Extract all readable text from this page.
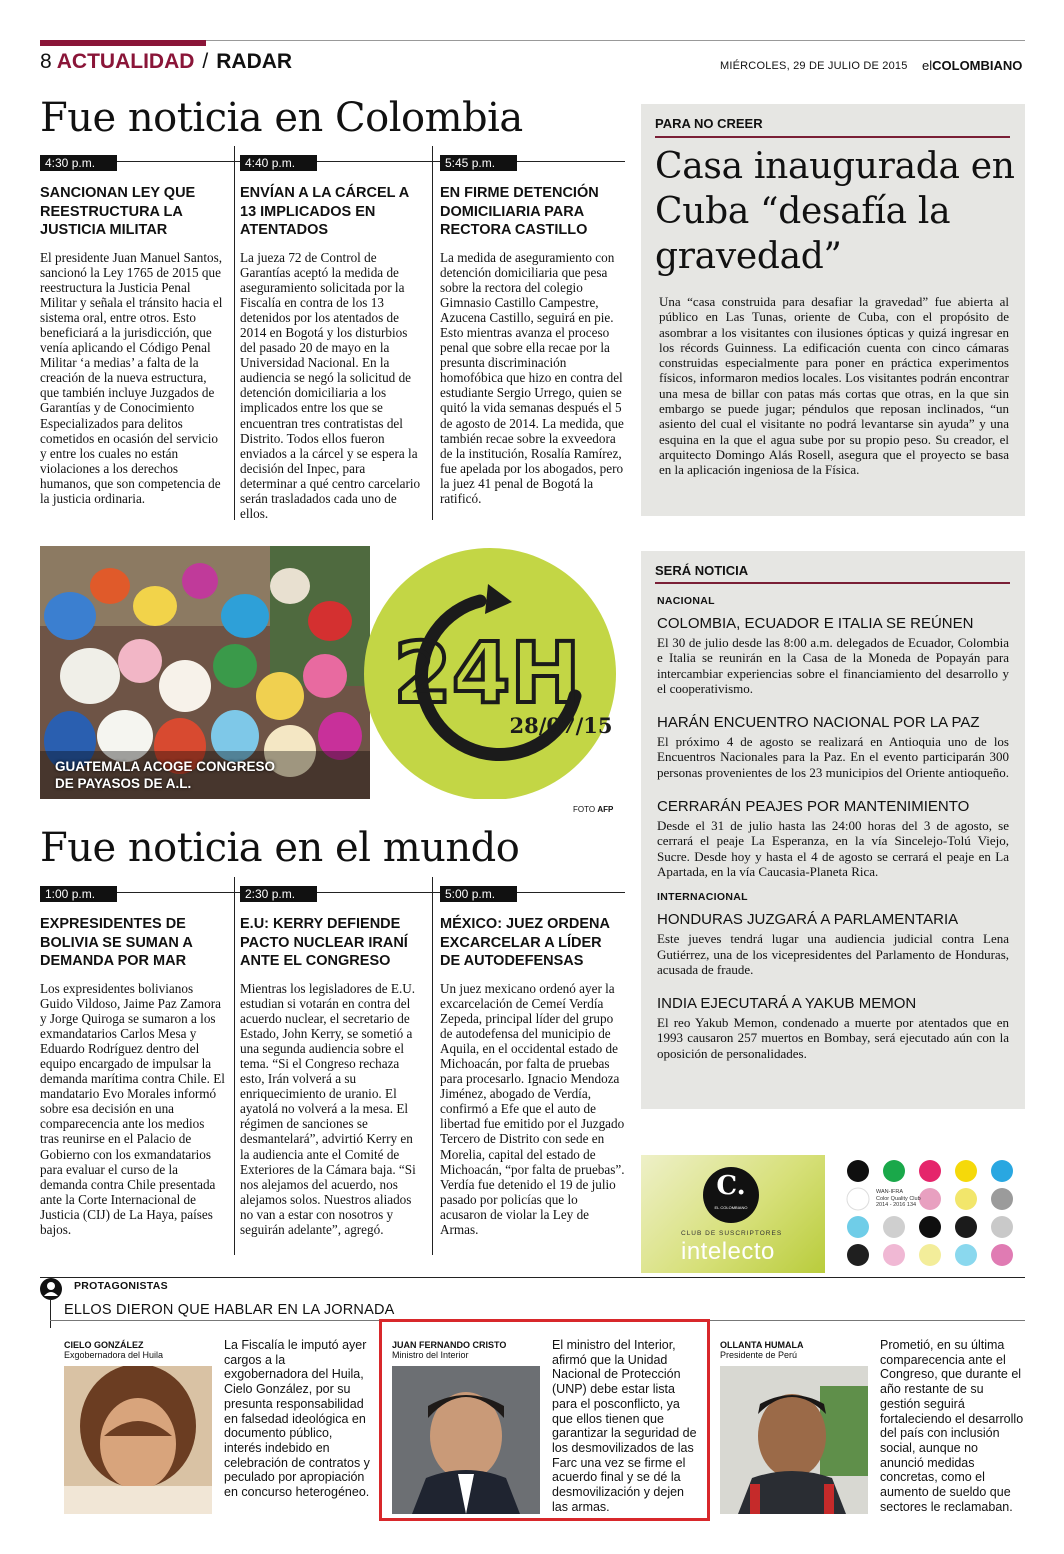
8 ACTUALIDAD / RADAR	MIÉRCOLES, 29 DE JULIO DE 2015 elCOLOMBIANO
Fue noticia en Colombia
4:30 p.m.
SANCIONAN LEY QUE REESTRUCTURA LA JUSTICIA MILITAR
El presidente Juan Manuel Santos, sancionó la Ley 1765 de 2015 que reestructura la Justicia Penal Militar y señala el tránsito hacia el sistema oral, entre otros. Esto beneficiará a la jurisdicción, que venía aplicando el Código Penal Militar ‘a medias’ a falta de la creación de la nueva estructura, que también incluye Juzgados de Garantías y de Conocimiento Especializados para delitos cometidos en ocasión del servicio y entre los cuales no están violaciones a los derechos humanos, que son competencia de la justicia ordinaria.
4:40 p.m.
ENVÍAN A LA CÁRCEL A 13 IMPLICADOS EN ATENTADOS
La jueza 72 de Control de Garantías aceptó la medida de aseguramiento solicitada por la Fiscalía en contra de los 13 detenidos por los atentados de 2014 en Bogotá y los disturbios del pasado 20 de mayo en la Universidad Nacional. En la audiencia se negó la solicitud de detención domiciliaria a los implicados entre los que se encuentran tres contratistas del Distrito. Todos ellos fueron enviados a la cárcel y se espera la decisión del Inpec, para determinar a qué centro carcelario serán trasladados cada uno de ellos.
5:45 p.m.
EN FIRME DETENCIÓN DOMICILIARIA PARA RECTORA CASTILLO
La medida de aseguramiento con detención domiciliaria que pesa sobre la rectora del colegio Gimnasio Castillo Campestre, Azucena Castillo, seguirá en pie. Esto mientras avanza el proceso penal que sobre ella recae por la presunta discriminación homofóbica que hizo en contra del estudiante Sergio Urrego, quien se quitó la vida semanas después el 5 de agosto de 2014. La medida, que también recae sobre la exveedora de la institución, Rosalía Ramírez, fue apelada por los abogados, pero la juez 41 penal de Bogotá la ratificó.
PARA NO CREER
Casa inaugurada en Cuba “desafía la gravedad”
Una “casa construida para desafiar la gravedad” fue abierta al público en Las Tunas, oriente de Cuba, con el propósito de asombrar a los visitantes con ilusiones ópticas y quizá ingresar en los récords Guinness. La edificación cuenta con cinco cámaras construidas especialmente para poner en práctica experimentos físicos, informaron medios locales. Los visitantes podrán encontrar una mesa de billar con patas más cortas que otras, en la que sin embargo se puede jugar; péndulos que reposan inclinados, “un asiento del cual el visitante no podrá levantarse sin ayuda” y una esquina en la que el agua sube por su propio peso. Su creador, el arquitecto Domingo Alás Rosell, asegura que el proyecto se basa en la aplicación ingeniosa de la Física.
24H
28/07/15
GUATEMALA ACOGE CONGRESO
DE PAYASOS DE A.L.
FOTO AFP
SERÁ NOTICIA
NACIONAL
COLOMBIA, ECUADOR E ITALIA SE REÚNEN
El 30 de julio desde las 8:00 a.m. delegados de Ecuador, Colombia e Italia se reunirán en la Casa de la Moneda de Popayán para intercambiar experiencias sobre el financiamiento del desarrollo y el cooperativismo.
HARÁN ENCUENTRO NACIONAL POR LA PAZ
El próximo 4 de agosto se realizará en Antioquia uno de los Encuentros Nacionales para la Paz. En el evento participarán 300 personas provenientes de los 23 municipios del Oriente antioqueño.
CERRARÁN PEAJES POR MANTENIMIENTO
Desde el 31 de julio hasta las 24:00 horas del 3 de agosto, se cerrará el peaje La Esperanza, en la vía Sincelejo-Tolú Viejo, Sucre. Desde hoy y hasta el 4 de agosto se cerrará el peaje en La Apartada, en la vía Caucasia-Planeta Rica.
INTERNACIONAL
HONDURAS JUZGARÁ A PARLAMENTARIA
Este jueves tendrá lugar una audiencia judicial contra Lena Gutiérrez, una de los vicepresidentes del Parlamento de Honduras, acusada de fraude.
INDIA EJECUTARÁ A YAKUB MEMON
El reo Yakub Memon, condenado a muerte por atentados que en 1993 causaron 257 muertos en Bombay, será ejecutado aún con la oposición de personalidades.
Fue noticia en el mundo
1:00 p.m.
EXPRESIDENTES DE BOLIVIA SE SUMAN A DEMANDA POR MAR
Los expresidentes bolivianos Guido Vildoso, Jaime Paz Zamora y Jorge Quiroga se sumaron a los exmandatarios Carlos Mesa y Eduardo Rodríguez dentro del equipo encargado de impulsar la demanda marítima contra Chile. El mandatario Evo Morales informó sobre esa decisión en una comparecencia ante los medios tras reunirse en el Palacio de Gobierno con los exmandatarios para evaluar el curso de la demanda contra Chile presentada ante la Corte Internacional de Justicia (CIJ) de La Haya, países bajos.
2:30 p.m.
E.U: KERRY DEFIENDE PACTO NUCLEAR IRANÍ ANTE EL CONGRESO
Mientras los legisladores de E.U. estudian si votarán en contra del acuerdo nuclear, el secretario de Estado, John Kerry, se sometió a una segunda audiencia sobre el tema. “Si el Congreso rechaza esto, Irán volverá a su enriquecimiento de uranio. El ayatolá no volverá a la mesa. El régimen de sanciones se desmantelará”, advirtió Kerry en la audiencia ante el Comité de Exteriores de la Cámara baja. “Si nos alejamos del acuerdo, nos alejamos solos. Nuestros aliados no van a estar con nosotros y seguirán adelante”, agregó.
5:00 p.m.
MÉXICO: JUEZ ORDENA EXCARCELAR A LÍDER DE AUTODEFENSAS
Un juez mexicano ordenó ayer la excarcelación de Cemeí Verdía Zepeda, principal líder del grupo de autodefensa del municipio de Aquila, en el occidental estado de Michoacán, por falta de pruebas para procesarlo. Ignacio Mendoza Jiménez, abogado de Verdía, confirmó a Efe que el auto de libertad fue emitido por el Juzgado Tercero de Distrito con sede en Morelia, capital del estado de Michoacán, “por falta de pruebas”. Verdía fue detenido el 19 de julio pasado por policías que lo acusaron de violar la Ley de Armas.
C.
EL COLOMBIANO
CLUB DE SUSCRIPTORES
intelecto
WAN-IFRA
Color Quality Club
2014 - 2016 134
PROTAGONISTAS
ELLOS DIERON QUE HABLAR EN LA JORNADA
CIELO GONZÁLEZ
Exgobernadora del Huila
La Fiscalía le imputó ayer cargos a la exgobernadora del Huila, Cielo González, por su presunta responsabilidad en falsedad ideológica en documento público, interés indebido en celebración de contratos y peculado por apropiación en concurso heterogéneo.
JUAN FERNANDO CRISTO
Ministro del Interior
El ministro del Interior, afirmó que la Unidad Nacional de Protección (UNP) debe estar lista para el posconflicto, ya que ellos tienen que garantizar la seguridad de los desmovilizados de las Farc una vez se firme el acuerdo final y se dé la desmovilización y dejen las armas.
OLLANTA HUMALA
Presidente de Perú
Prometió, en su última comparecencia ante el Congreso, que durante el año restante de su gestión seguirá fortaleciendo el desarrollo del país con inclusión social, aunque no anunció medidas concretas, como el aumento de sueldo que sectores le reclamaban.
